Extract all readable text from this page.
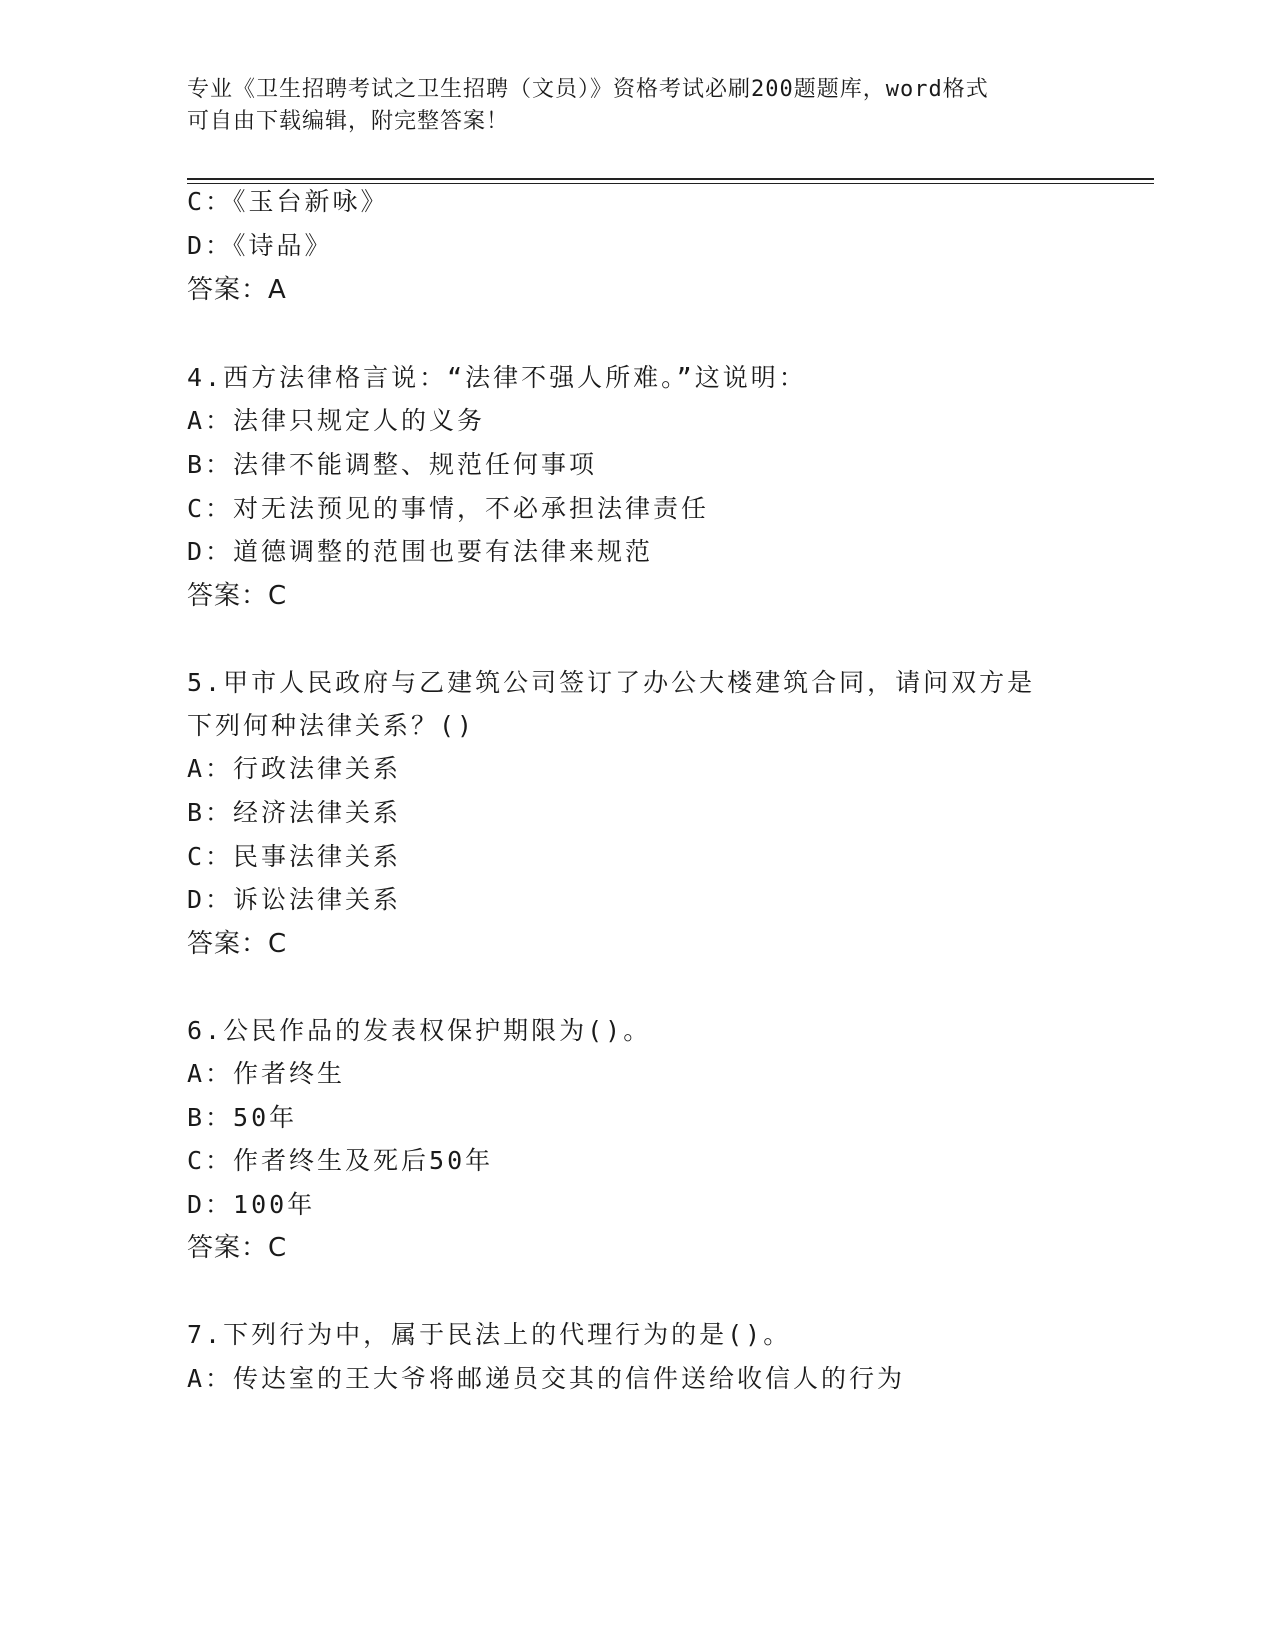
专业《卫生招聘考试之卫生招聘（文员）》资格考试必刷200题题库，word格式
可自由下载编辑，附完整答案！
C：《玉台新咏》
D：《诗品》
答案：A
4.西方法律格言说：“法律不强人所难。”这说明：
A：法律只规定人的义务
B：法律不能调整、规范任何事项
C：对无法预见的事情，不必承担法律责任
D：道德调整的范围也要有法律来规范
答案：C
5.甲市人民政府与乙建筑公司签订了办公大楼建筑合同，请问双方是
下列何种法律关系？()
A：行政法律关系
B：经济法律关系
C：民事法律关系
D：诉讼法律关系
答案：C
6.公民作品的发表权保护期限为()。
A：作者终生
B：50年
C：作者终生及死后50年
D：100年
答案：C
7.下列行为中，属于民法上的代理行为的是()。
A：传达室的王大爷将邮递员交其的信件送给收信人的行为
